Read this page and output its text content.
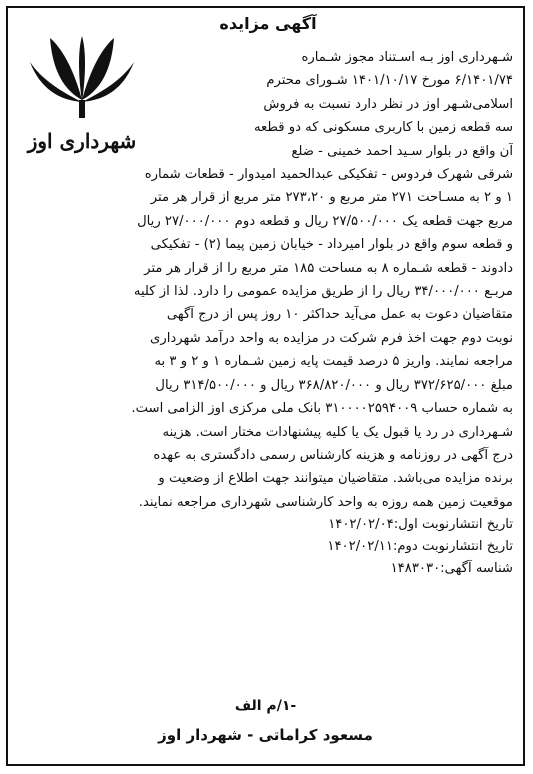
آگهی مزایده
شهرداری اوز
شـهرداری اوز بـه اسـتناد مجوز شـماره
۶/۱۴۰۱/۷۴ مورخ ۱۴۰۱/۱۰/۱۷ شـورای محترم
اسلامی‌شـهر اوز در نظر دارد نسبت به فروش
سه قطعه زمین با کاربری مسکونی که دو قطعه
آن واقع در بلوار سـید احمد خمینی - ضلع
شرقی شهرک فردوس - تفکیکی عبدالحمید امیدوار - قطعات شماره
۱ و ۲ به مسـاحت ۲۷۱ متر مربع و ۲۷۳،۲۰ متر مربع از قرار هر متر
مربع جهت قطعه یک ۲۷/۵۰۰/۰۰۰ ریال و قطعه دوم ۲۷/۰۰۰/۰۰۰ ریال
و قطعه سوم واقع در بلوار امیرداد - خیابان زمین پیما (۲) - تفکیکی
دادوند - قطعه شـماره ۸ به مساحت ۱۸۵ متر مربع را از قرار هر متر
مربـع ۳۴/۰۰۰/۰۰۰ ریال را از طریق مزایده عمومی را دارد. لذا از کلیه
متقاضیان دعوت به عمل می‌آید حداکثر ۱۰ روز پس از درج آگهی
نوبت دوم جهت اخذ فرم شرکت در مزایده به واحد درآمد شهرداری
مراجعه نمایند. واریز ۵ درصد قیمت پایه زمین شـماره ۱ و ۲ و ۳ به
مبلغ ۳۷۲/۶۲۵/۰۰۰ ریال و ۳۶۸/۸۲۰/۰۰۰ ریال و ۳۱۴/۵۰۰/۰۰۰ ریال
به شماره حساب ۳۱۰۰۰۰۲۵۹۴۰۰۹ بانک ملی مرکزی اوز الزامی است.
شـهرداری در رد یا قبول یک یا کلیه پیشنهادات مختار است. هزینه
درج آگهی در روزنامه و هزینه کارشناس رسمی دادگستری به عهده
برنده مزایده می‌باشد. متقاضیان میتوانند جهت اطلاع از وضعیت و
موقعیت زمین همه روزه به واحد کارشناسی شهرداری مراجعه نمایند.
تاریخ انتشارنوبت اول:۱۴۰۲/۰۲/۰۴
تاریخ انتشارنوبت دوم:۱۴۰۲/۰۲/۱۱
شناسه آگهی:۱۴۸۳۰۳۰
-۱/م الف
مسعود کراماتی - شهردار اوز
